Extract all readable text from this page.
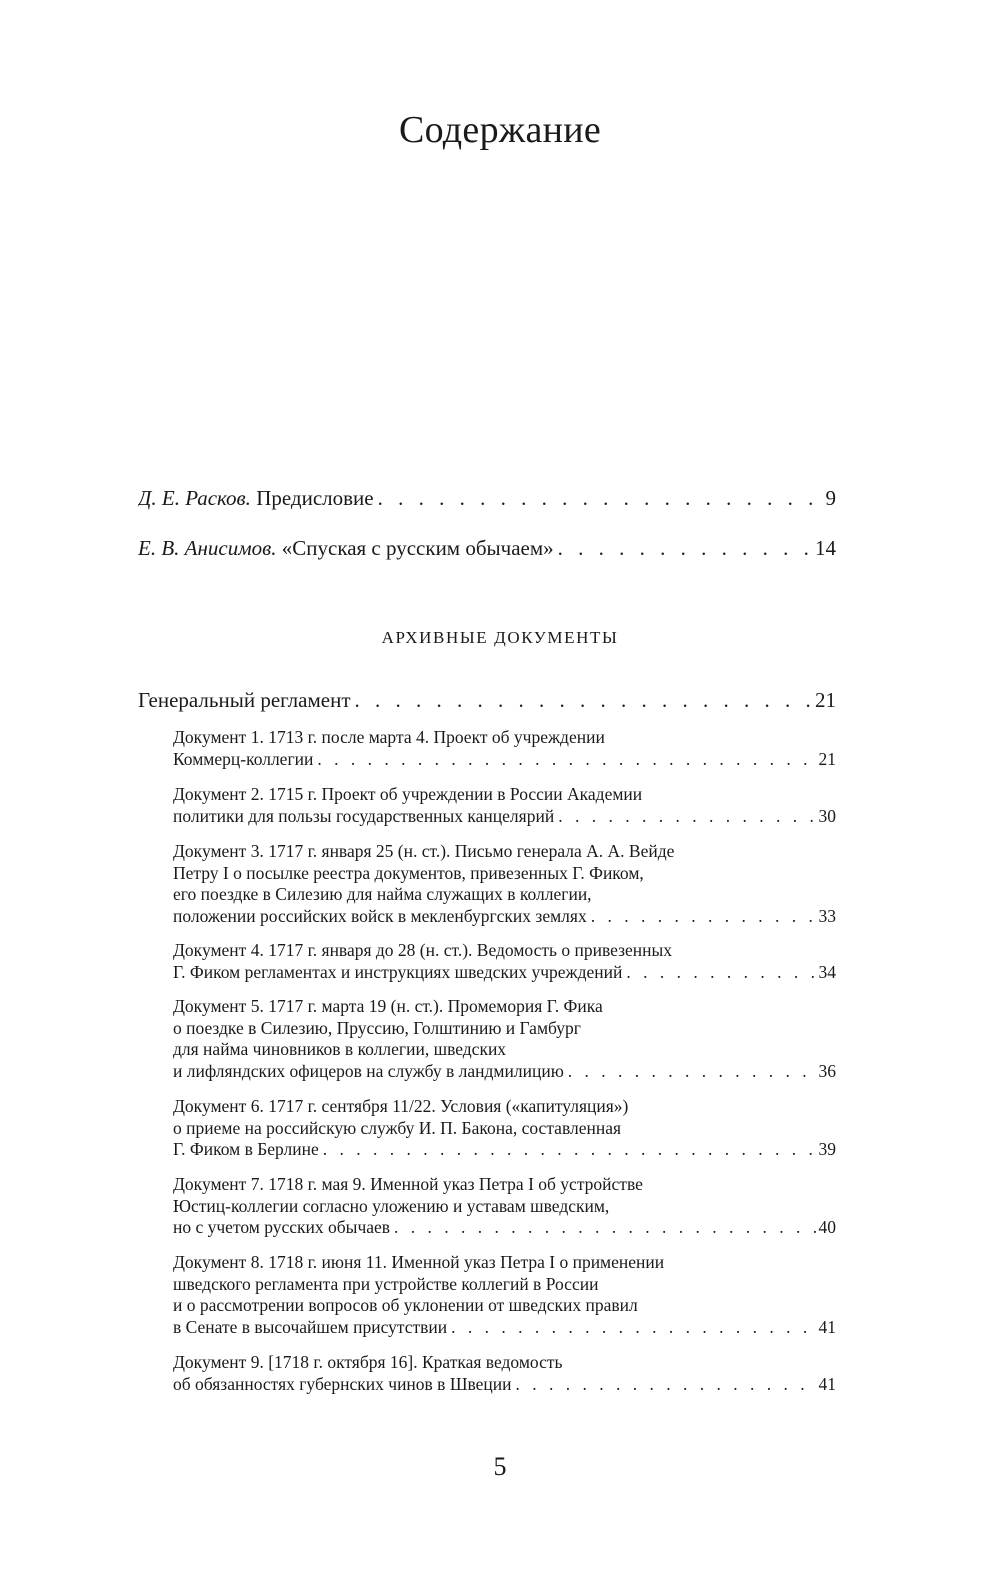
Содержание
Д. Е. Расков. Предисловие . . .	9
Е. В. Анисимов. «Спуская с русским обычаем» . . .	14
АРХИВНЫЕ ДОКУМЕНТЫ
Генеральный регламент . . .	21
Документ 1. 1713 г. после марта 4. Проект об учреждении
Коммерц-коллегии . . .	21
Документ 2. 1715 г. Проект об учреждении в России Академии
политики для пользы государственных канцелярий . . .	30
Документ 3. 1717 г. января 25 (н. ст.). Письмо генерала А. А. Вейде
Петру I о посылке реестра документов, привезенных Г. Фиком,
его поездке в Силезию для найма служащих в коллегии,
положении российских войск в мекленбургских землях . . .	33
Документ 4. 1717 г. января до 28 (н. ст.). Ведомость о привезенных
Г. Фиком регламентах и инструкциях шведских учреждений . . .	34
Документ 5. 1717 г. марта 19 (н. ст.). Промемория Г. Фика
о поездке в Силезию, Пруссию, Голштинию и Гамбург
для найма чиновников в коллегии, шведских
и лифляндских офицеров на службу в ландмилицию . . .	36
Документ 6. 1717 г. сентября 11/22. Условия («капитуляция»)
о приеме на российскую службу И. П. Бакона, составленная
Г. Фиком в Берлине . . .	39
Документ 7. 1718 г. мая 9. Именной указ Петра I об устройстве
Юстиц-коллегии согласно уложению и уставам шведским,
но с учетом русских обычаев . . .	40
Документ 8. 1718 г. июня 11. Именной указ Петра I о применении
шведского регламента при устройстве коллегий в России
и о рассмотрении вопросов об уклонении от шведских правил
в Сенате в высочайшем присутствии . . .	41
Документ 9. [1718 г. октября 16]. Краткая ведомость
об обязанностях губернских чинов в Швеции . . .	41
5
